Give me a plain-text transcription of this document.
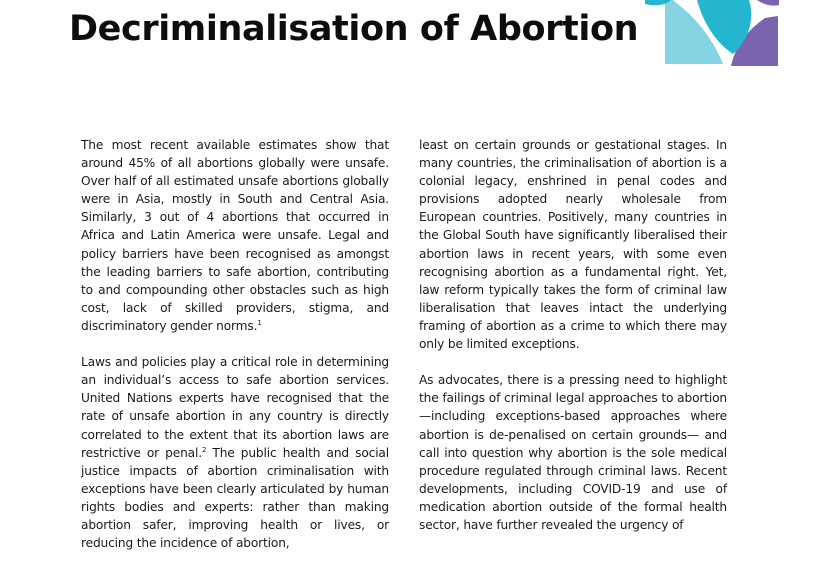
Decriminalisation of Abortion

The most recent available estimates show that around 45% of all abortions globally were unsafe. Over half of all estimated unsafe abortions globally were in Asia, mostly in South and Central Asia. Similarly, 3 out of 4 abortions that occurred in Africa and Latin America were unsafe. Legal and policy barriers have been recognised as amongst the leading barriers to safe abortion, contributing to and compounding other obstacles such as high cost, lack of skilled providers, stigma, and discriminatory gender norms.$^1$

Laws and policies play a critical role in determining an individual’s access to safe abortion services. United Nations experts have recognised that the rate of unsafe abortion in any country is directly correlated to the extent that its abortion laws are restrictive or penal.$^2$ The public health and social justice impacts of abortion criminalisation with exceptions have been clearly articulated by human rights bodies and experts: rather than making abortion safer, improving health or lives, or reducing the incidence of abortion,

least on certain grounds or gestational stages. In many countries, the criminalisation of abortion is a colonial legacy, enshrined in penal codes and provisions adopted nearly wholesale from European countries. Positively, many countries in the Global South have significantly liberalised their abortion laws in recent years, with some even recognising abortion as a fundamental right. Yet, law reform typically takes the form of criminal law liberalisation that leaves intact the underlying framing of abortion as a crime to which there may only be limited exceptions.

As advocates, there is a pressing need to highlight the failings of criminal legal approaches to abortion—including exceptions-based approaches where abortion is de-penalised on certain grounds— and call into question why abortion is the sole medical procedure regulated through criminal laws. Recent developments, including COVID-19 and use of medication abortion outside of the formal health sector, have further revealed the urgency of
